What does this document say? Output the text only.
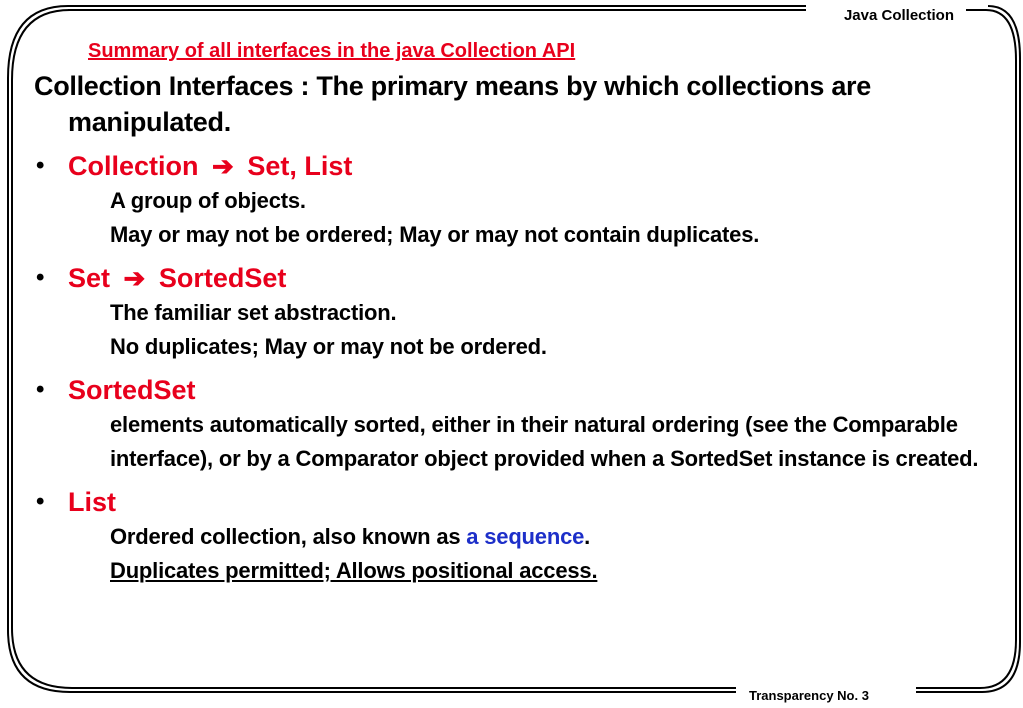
Java Collection
Summary of all interfaces in the java Collection API
Collection Interfaces : The primary means by which collections are manipulated.
• Collection ➔ Set, List
A group of objects.
May or may not be ordered; May or may not contain duplicates.
• Set ➔ SortedSet
The familiar set abstraction.
No duplicates; May or may not be ordered.
• SortedSet
elements automatically sorted, either in their natural ordering (see the Comparable interface), or by a Comparator object provided when a SortedSet instance is created.
• List
Ordered collection, also known as a sequence.
Duplicates permitted; Allows positional access.
Transparency No. 3
